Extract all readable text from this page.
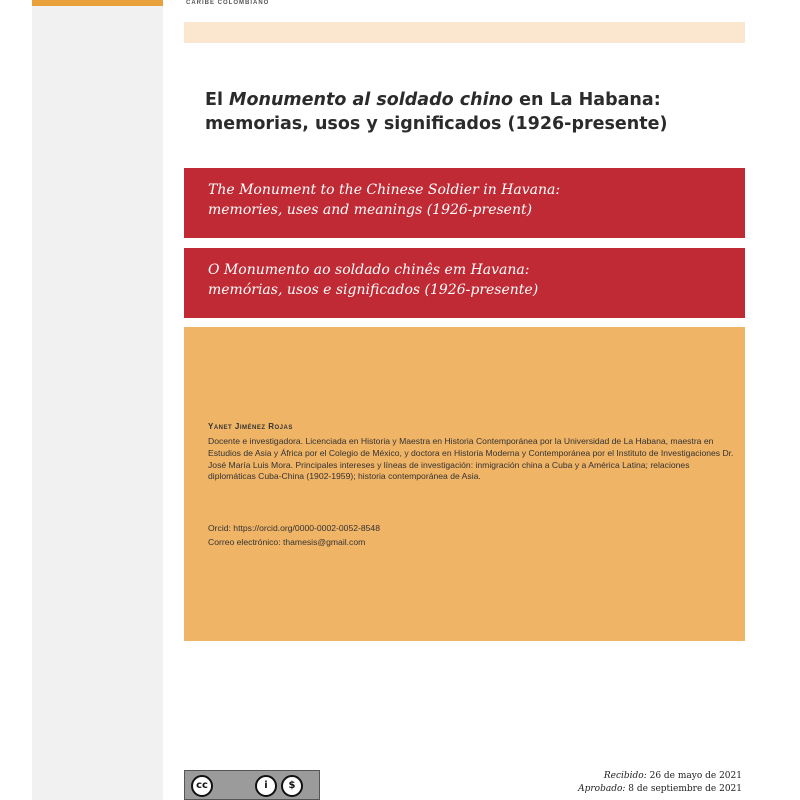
CARIBE COLOMBIANO
El Monumento al soldado chino en La Habana:
memorias, usos y significados (1926-presente)
The Monument to the Chinese Soldier in Havana:
memories, uses and meanings (1926-present)
O Monumento ao soldado chinês em Havana:
memórias, usos e significados (1926-presente)
Yanet Jiménez Rojas
Docente e investigadora. Licenciada en Historia y Maestra en Historia Contemporánea por la Universidad de La Habana, maestra en Estudios de Asia y África por el Colegio de México, y doctora en Historia Moderna y Contemporánea por el Instituto de Investigaciones Dr. José María Luis Mora. Principales intereses y líneas de investigación: inmigración china a Cuba y a América Latina; relaciones diplomáticas Cuba-China (1902-1959); historia contemporánea de Asia.
Orcid: https://orcid.org/0000-0002-0052-8548
Correo electrónico: thamesis@gmail.com
cc	i	$
Recibido: 26 de mayo de 2021
Aprobado: 8 de septiembre de 2021
